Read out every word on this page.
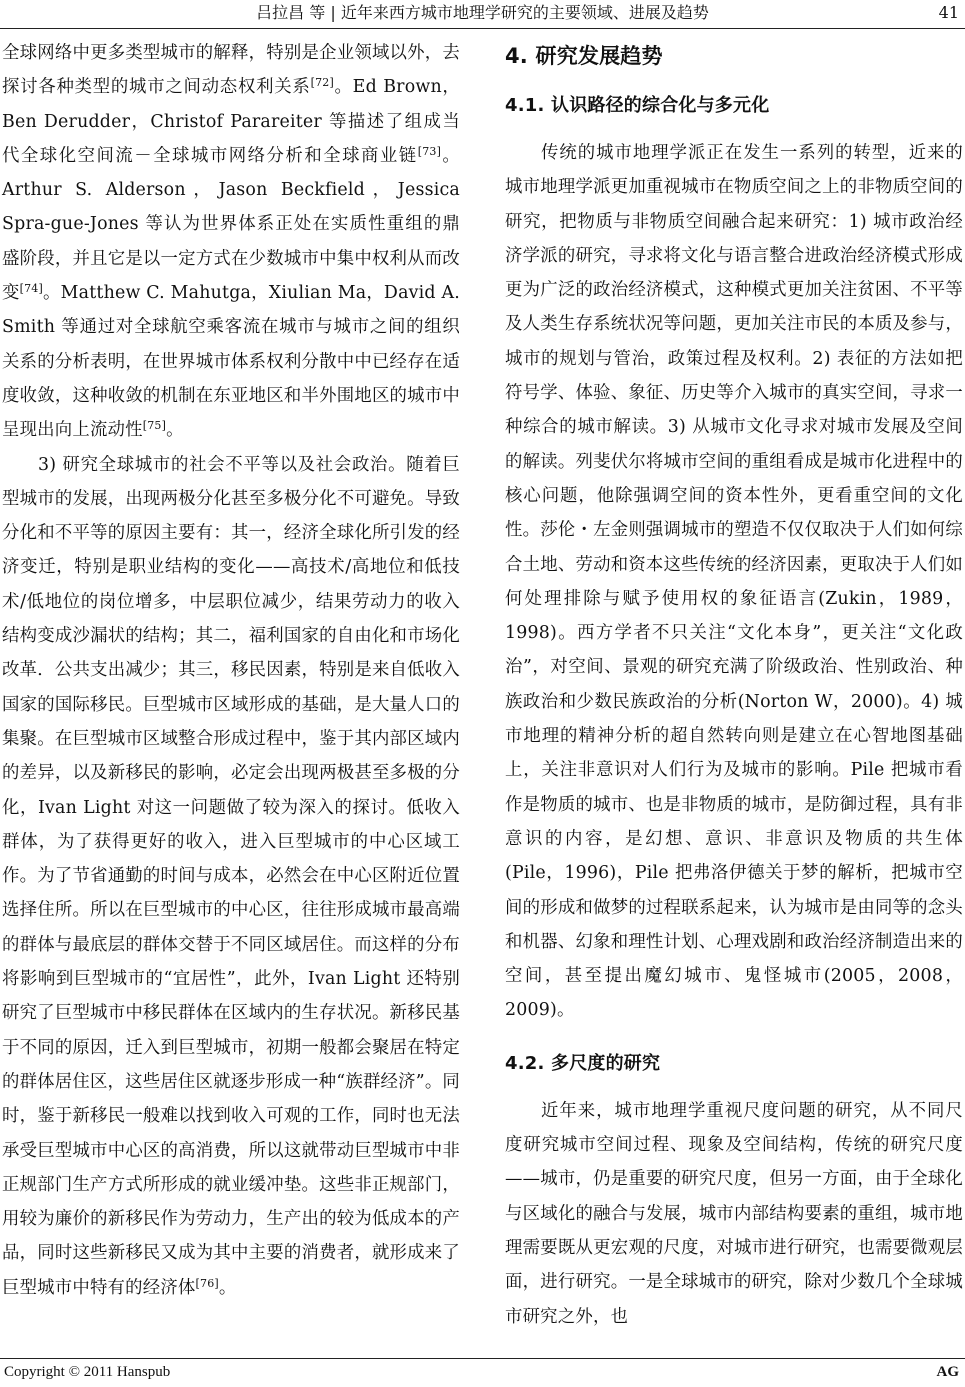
吕拉昌 等 | 近年来西方城市地理学研究的主要领域、进展及趋势	41

全球网络中更多类型城市的解释，特别是企业领域以外，去探讨各种类型的城市之间动态权利关系[72]。Ed Brown，Ben Derudder，Christof Parareiter 等描述了组成当代全球化空间流－全球城市网络分析和全球商业链[73]。Arthur S. Alderson，Jason Beckfield，Jessica Spra-gue-Jones 等认为世界体系正处在实质性重组的鼎盛阶段，并且它是以一定方式在少数城市中集中权利从而改变[74]。Matthew C. Mahutga，Xiulian Ma，David A. Smith 等通过对全球航空乘客流在城市与城市之间的组织关系的分析表明，在世界城市体系权利分散中中已经存在适度收敛，这种收敛的机制在东亚地区和半外围地区的城市中呈现出向上流动性[75]。

3) 研究全球城市的社会不平等以及社会政治。随着巨型城市的发展，出现两极分化甚至多极分化不可避免。导致分化和不平等的原因主要有：其一，经济全球化所引发的经济变迁，特别是职业结构的变化——高技术/高地位和低技术/低地位的岗位增多，中层职位减少，结果劳动力的收入结构变成沙漏状的结构；其二，福利国家的自由化和市场化改革．公共支出减少；其三，移民因素，特别是来自低收入国家的国际移民。巨型城市区域形成的基础，是大量人口的集聚。在巨型城市区域整合形成过程中，鉴于其内部区域内的差异，以及新移民的影响，必定会出现两极甚至多极的分化，Ivan Light 对这一问题做了较为深入的探讨。低收入群体，为了获得更好的收入，进入巨型城市的中心区域工作。为了节省通勤的时间与成本，必然会在中心区附近位置选择住所。所以在巨型城市的中心区，往往形成城市最高端的群体与最底层的群体交替于不同区域居住。而这样的分布将影响到巨型城市的“宜居性”，此外，Ivan Light 还特别研究了巨型城市中移民群体在区域内的生存状况。新移民基于不同的原因，迁入到巨型城市，初期一般都会聚居在特定的群体居住区，这些居住区就逐步形成一种“族群经济”。同时，鉴于新移民一般难以找到收入可观的工作，同时也无法承受巨型城市中心区的高消费，所以这就带动巨型城市中非正规部门生产方式所形成的就业缓冲垫。这些非正规部门，用较为廉价的新移民作为劳动力，生产出的较为低成本的产品，同时这些新移民又成为其中主要的消费者，就形成来了巨型城市中特有的经济体[76]。

4. 研究发展趋势
4.1. 认识路径的综合化与多元化

传统的城市地理学派正在发生一系列的转型，近来的城市地理学派更加重视城市在物质空间之上的非物质空间的研究，把物质与非物质空间融合起来研究：1) 城市政治经济学派的研究，寻求将文化与语言整合进政治经济模式形成更为广泛的政治经济模式，这种模式更加关注贫困、不平等及人类生存系统状况等问题，更加关注市民的本质及参与，城市的规划与管治，政策过程及权利。2) 表征的方法如把符号学、体验、象征、历史等介入城市的真实空间，寻求一种综合的城市解读。3) 从城市文化寻求对城市发展及空间的解读。列斐伏尔将城市空间的重组看成是城市化进程中的核心问题，他除强调空间的资本性外，更看重空间的文化性。莎伦・左金则强调城市的塑造不仅仅取决于人们如何综合土地、劳动和资本这些传统的经济因素，更取决于人们如何处理排除与赋予使用权的象征语言(Zukin，1989，1998)。西方学者不只关注“文化本身”，更关注“文化政治”，对空间、景观的研究充满了阶级政治、性别政治、种族政治和少数民族政治的分析(Norton W，2000)。4) 城市地理的精神分析的超自然转向则是建立在心智地图基础上，关注非意识对人们行为及城市的影响。Pile 把城市看作是物质的城市、也是非物质的城市，是防御过程，具有非意识的内容，是幻想、意识、非意识及物质的共生体(Pile，1996)，Pile 把弗洛伊德关于梦的解析，把城市空间的形成和做梦的过程联系起来，认为城市是由同等的念头和机器、幻象和理性计划、心理戏剧和政治经济制造出来的空间，甚至提出魔幻城市、鬼怪城市(2005，2008，2009)。

4.2. 多尺度的研究

近年来，城市地理学重视尺度问题的研究，从不同尺度研究城市空间过程、现象及空间结构，传统的研究尺度——城市，仍是重要的研究尺度，但另一方面，由于全球化与区域化的融合与发展，城市内部结构要素的重组，城市地理需要既从更宏观的尺度，对城市进行研究，也需要微观层面，进行研究。一是全球城市的研究，除对少数几个全球城市研究之外，也

Copyright © 2011 Hanspub	AG
